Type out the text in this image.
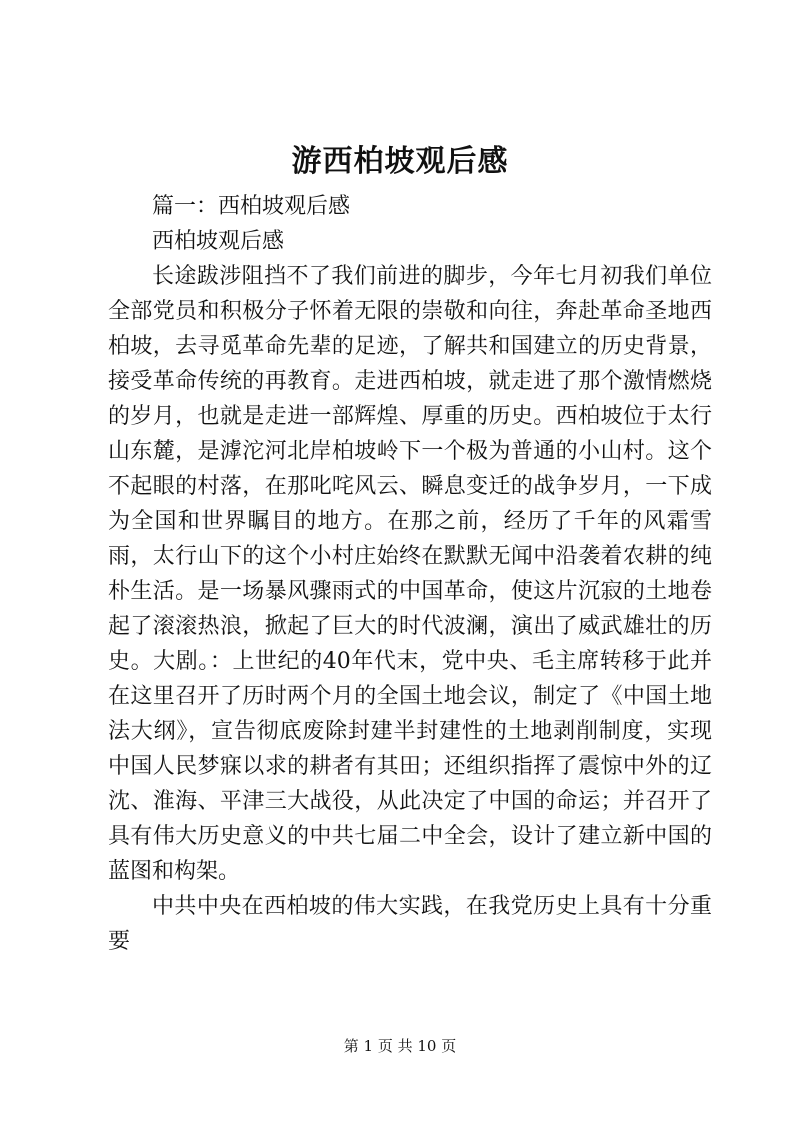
游西柏坡观后感

篇一：西柏坡观后感

西柏坡观后感

长途跋涉阻挡不了我们前进的脚步，今年七月初我们单位全部党员和积极分子怀着无限的崇敬和向往，奔赴革命圣地西柏坡，去寻觅革命先辈的足迹，了解共和国建立的历史背景，接受革命传统的再教育。走进西柏坡，就走进了那个激情燃烧的岁月，也就是走进一部辉煌、厚重的历史。西柏坡位于太行山东麓，是滹沱河北岸柏坡岭下一个极为普通的小山村。这个不起眼的村落，在那叱咤风云、瞬息变迁的战争岁月，一下成为全国和世界瞩目的地方。在那之前，经历了千年的风霜雪雨，太行山下的这个小村庄始终在默默无闻中沿袭着农耕的纯朴生活。是一场暴风骤雨式的中国革命，使这片沉寂的土地卷起了滚滚热浪，掀起了巨大的时代波澜，演出了威武雄壮的历史。大剧。：上世纪的40年代末，党中央、毛主席转移于此并在这里召开了历时两个月的全国土地会议，制定了《中国土地法大纲》，宣告彻底废除封建半封建性的土地剥削制度，实现中国人民梦寐以求的耕者有其田；还组织指挥了震惊中外的辽沈、淮海、平津三大战役，从此决定了中国的命运；并召开了具有伟大历史意义的中共七届二中全会，设计了建立新中国的蓝图和构架。

中共中央在西柏坡的伟大实践，在我党历史上具有十分重要

第 1 页 共 10 页
